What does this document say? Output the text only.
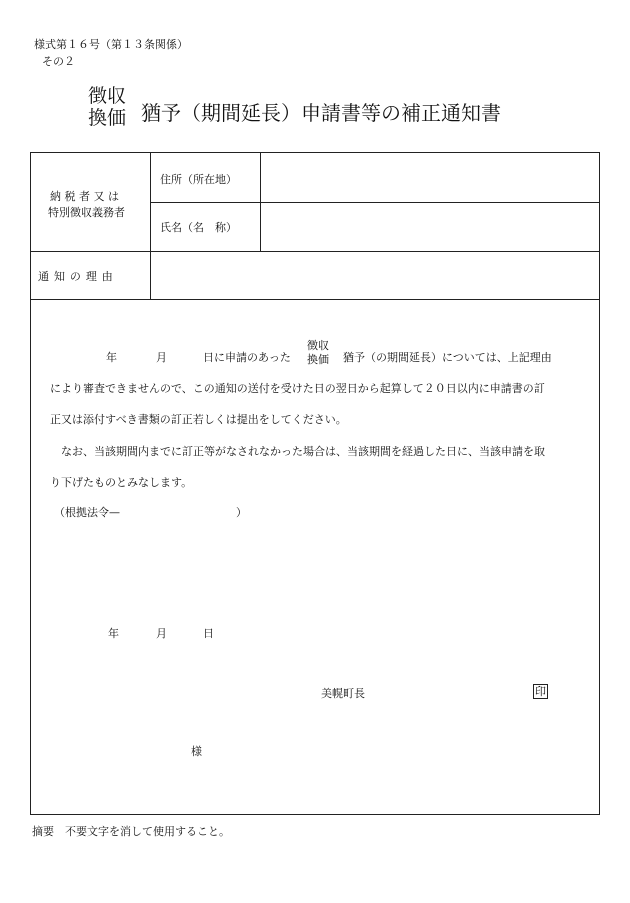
様式第１６号（第１３条関係）
その２
徴収
換価 猶予（期間延長）申請書等の補正通知書
納 税 者 又 は
特別徴収義務者
住所（所在地）
氏名（名　称）
通知の理由
年	月	日に申請のあった
徴収
換価 猶予（の期間延長）については、上記理由
により審査できませんので、この通知の送付を受けた日の翌日から起算して２０日以内に申請書の訂
正又は添付すべき書類の訂正若しくは提出をしてください。
なお、当該期間内までに訂正等がなされなかった場合は、当該期間を経過した日に、当該申請を取
り下げたものとみなします。
（根拠法令—	）
年	月	日
美幌町長	印
様
摘要　不要文字を消して使用すること。
